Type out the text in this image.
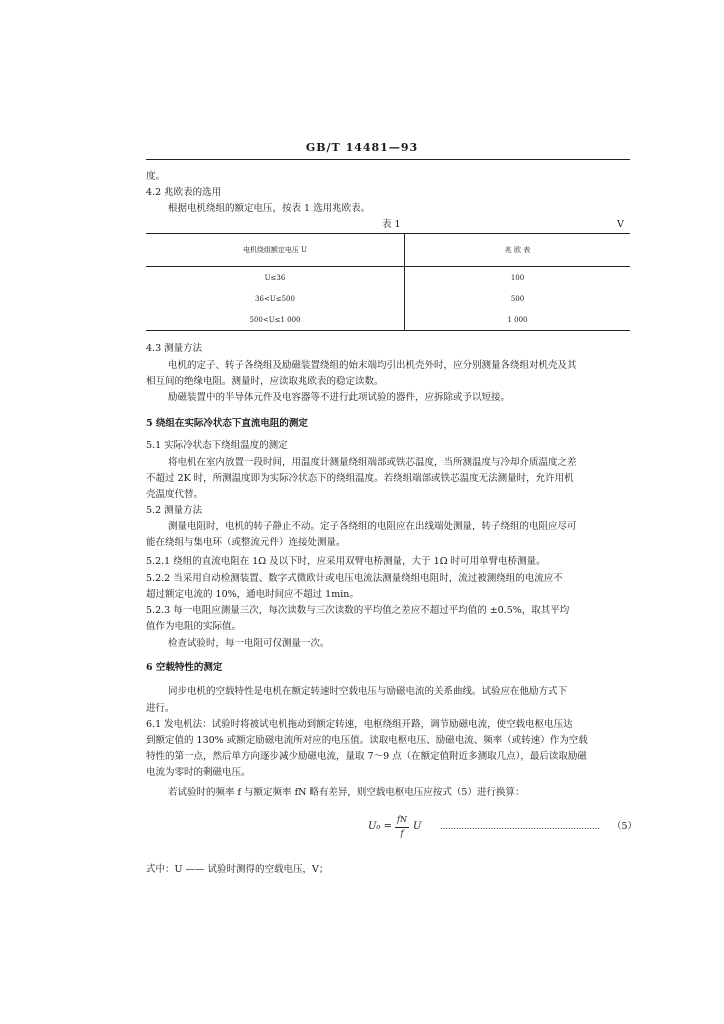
GB/T 14481—93
度。
4.2 兆欧表的选用
根据电机绕组的额定电压，按表 1 选用兆欧表。
表 1	V
电机绕组额定电压 U	兆 欧 表
U≤36	100
36<U≤500	500
500<U≤1 000	1 000
4.3 测量方法
电机的定子、转子各绕组及励磁装置绕组的始末端均引出机壳外时，应分别测量各绕组对机壳及其
相互间的绝缘电阻。测量时，应读取兆欧表的稳定读数。
励磁装置中的半导体元件及电容器等不进行此项试验的器件，应拆除或予以短接。
5 绕组在实际冷状态下直流电阻的测定
5.1 实际冷状态下绕组温度的测定
将电机在室内放置一段时间，用温度计测量绕组端部或铁芯温度，当所测温度与冷却介质温度之差
不超过 2K 时，所测温度即为实际冷状态下的绕组温度。若绕组端部或铁芯温度无法测量时，允许用机
壳温度代替。
5.2 测量方法
测量电阻时，电机的转子静止不动。定子各绕组的电阻应在出线端处测量，转子绕组的电阻应尽可
能在绕组与集电环（或整流元件）连接处测量。
5.2.1 绕组的直流电阻在 1Ω 及以下时，应采用双臂电桥测量，大于 1Ω 时可用单臂电桥测量。
5.2.2 当采用自动检测装置、数字式微欧计或电压电流法测量绕组电阻时，流过被测绕组的电流应不
超过额定电流的 10%，通电时间应不超过 1min。
5.2.3 每一电阻应测量三次，每次读数与三次读数的平均值之差应不超过平均值的 ±0.5%，取其平均
值作为电阻的实际值。
检查试验时，每一电阻可仅测量一次。
6 空载特性的测定
同步电机的空载特性是电机在额定转速时空载电压与励磁电流的关系曲线。试验应在他励方式下
进行。
6.1 发电机法：试验时将被试电机拖动到额定转速，电枢绕组开路，调节励磁电流，使空载电枢电压达
到额定值的 130% 或额定励磁电流所对应的电压值。读取电枢电压、励磁电流、频率（或转速）作为空载
特性的第一点，然后单方向逐步减少励磁电流，量取 7～9 点（在额定值附近多测取几点），最后读取励磁
电流为零时的剩磁电压。
若试验时的频率 f 与额定频率 fN 略有差异，则空载电枢电压应按式（5）进行换算：
U₀ =
fN
f
U ……………………………………………………	（5）
式中：U —— 试验时测得的空载电压，V；
